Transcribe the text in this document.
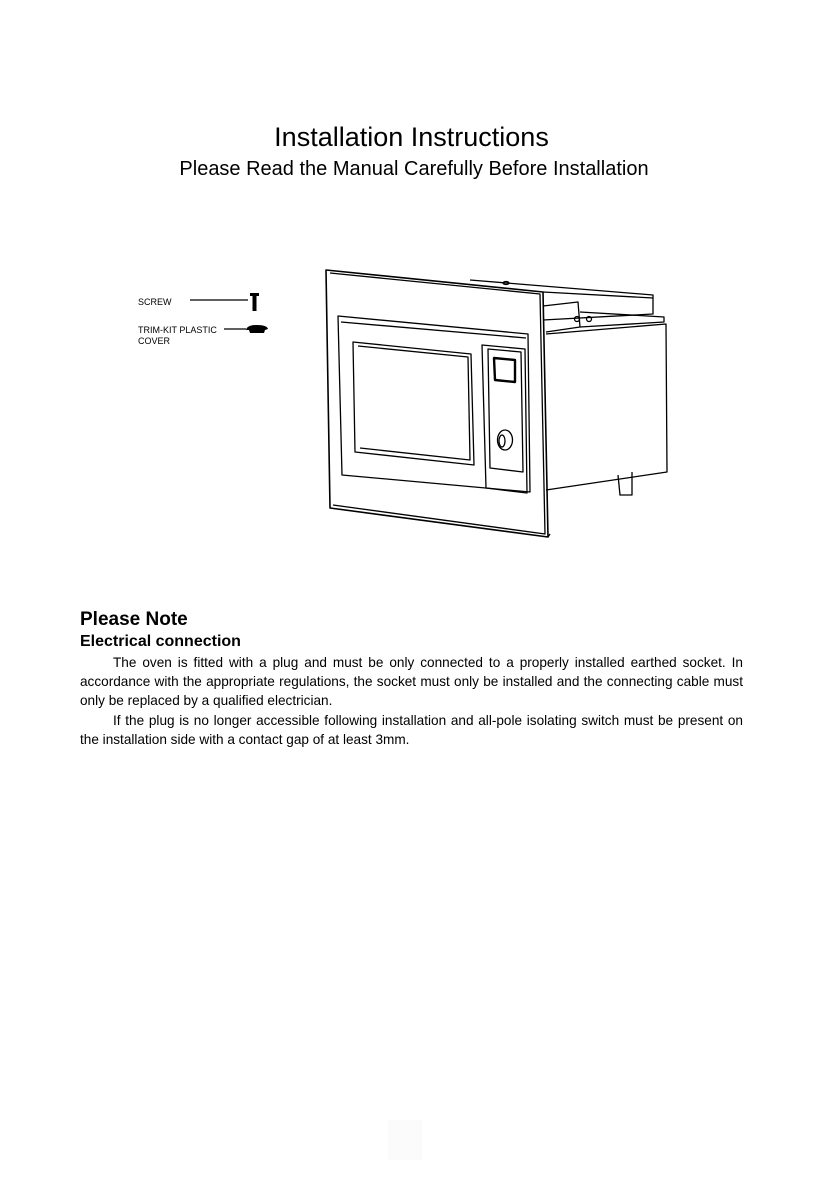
Installation Instructions
Please Read the Manual Carefully Before Installation
SCREW
TRIM-KIT PLASTIC COVER
Please Note
Electrical connection

The oven is fitted with a plug and must be only connected to a properly installed earthed socket. In accordance with the appropriate regulations, the socket must only be installed and the connecting cable must only be replaced by a qualified electrician.

If the plug is no longer accessible following installation and all-pole isolating switch must be present on the installation side with a contact gap of at least 3mm.
